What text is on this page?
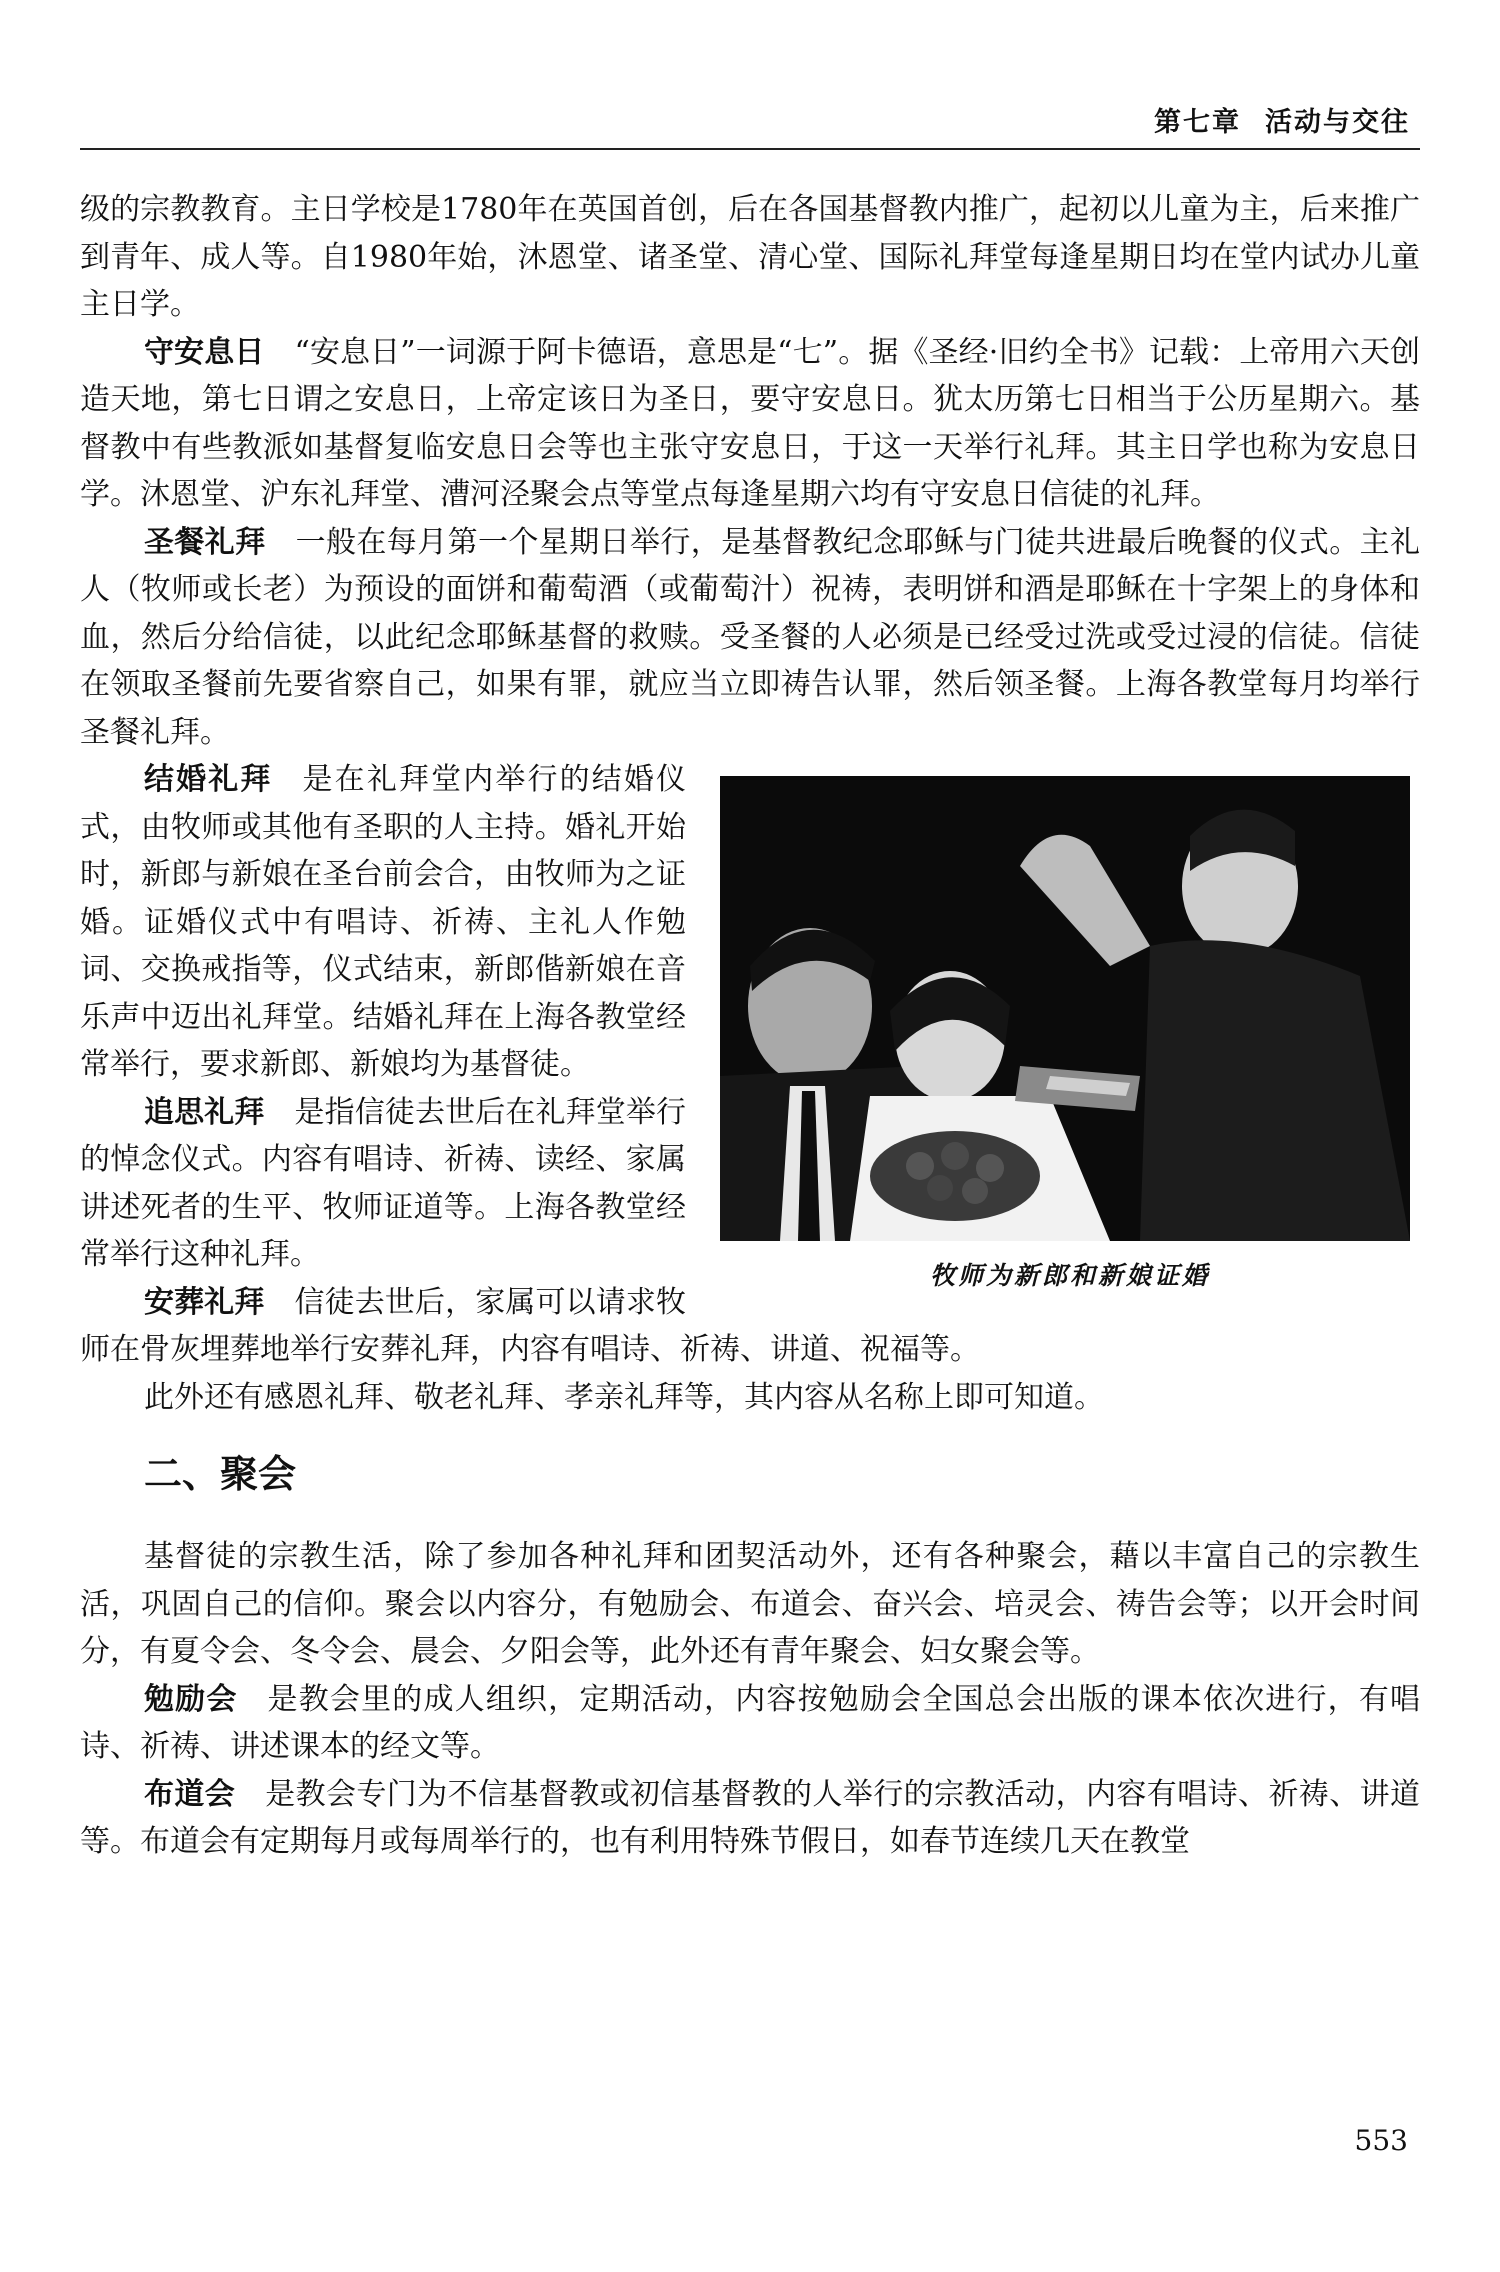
第七章 活动与交往

级的宗教教育。主日学校是1780年在英国首创，后在各国基督教内推广，起初以儿童为主，后来推广到青年、成人等。自1980年始，沐恩堂、诸圣堂、清心堂、国际礼拜堂每逢星期日均在堂内试办儿童主日学。

守安息日 “安息日”一词源于阿卡德语，意思是“七”。据《圣经·旧约全书》记载：上帝用六天创造天地，第七日谓之安息日，上帝定该日为圣日，要守安息日。犹太历第七日相当于公历星期六。基督教中有些教派如基督复临安息日会等也主张守安息日，于这一天举行礼拜。其主日学也称为安息日学。沐恩堂、沪东礼拜堂、漕河泾聚会点等堂点每逢星期六均有守安息日信徒的礼拜。

圣餐礼拜 一般在每月第一个星期日举行，是基督教纪念耶稣与门徒共进最后晚餐的仪式。主礼人（牧师或长老）为预设的面饼和葡萄酒（或葡萄汁）祝祷，表明饼和酒是耶稣在十字架上的身体和血，然后分给信徒，以此纪念耶稣基督的救赎。受圣餐的人必须是已经受过洗或受过浸的信徒。信徒在领取圣餐前先要省察自己，如果有罪，就应当立即祷告认罪，然后领圣餐。上海各教堂每月均举行圣餐礼拜。

牧师为新郎和新娘证婚

结婚礼拜 是在礼拜堂内举行的结婚仪式，由牧师或其他有圣职的人主持。婚礼开始时，新郎与新娘在圣台前会合，由牧师为之证婚。证婚仪式中有唱诗、祈祷、主礼人作勉词、交换戒指等，仪式结束，新郎偕新娘在音乐声中迈出礼拜堂。结婚礼拜在上海各教堂经常举行，要求新郎、新娘均为基督徒。

追思礼拜 是指信徒去世后在礼拜堂举行的悼念仪式。内容有唱诗、祈祷、读经、家属讲述死者的生平、牧师证道等。上海各教堂经常举行这种礼拜。

安葬礼拜 信徒去世后，家属可以请求牧师在骨灰埋葬地举行安葬礼拜，内容有唱诗、祈祷、讲道、祝福等。

此外还有感恩礼拜、敬老礼拜、孝亲礼拜等，其内容从名称上即可知道。

二、聚会

基督徒的宗教生活，除了参加各种礼拜和团契活动外，还有各种聚会，藉以丰富自己的宗教生活，巩固自己的信仰。聚会以内容分，有勉励会、布道会、奋兴会、培灵会、祷告会等；以开会时间分，有夏令会、冬令会、晨会、夕阳会等，此外还有青年聚会、妇女聚会等。

勉励会 是教会里的成人组织，定期活动，内容按勉励会全国总会出版的课本依次进行，有唱诗、祈祷、讲述课本的经文等。

布道会 是教会专门为不信基督教或初信基督教的人举行的宗教活动，内容有唱诗、祈祷、讲道等。布道会有定期每月或每周举行的，也有利用特殊节假日，如春节连续几天在教堂

553
